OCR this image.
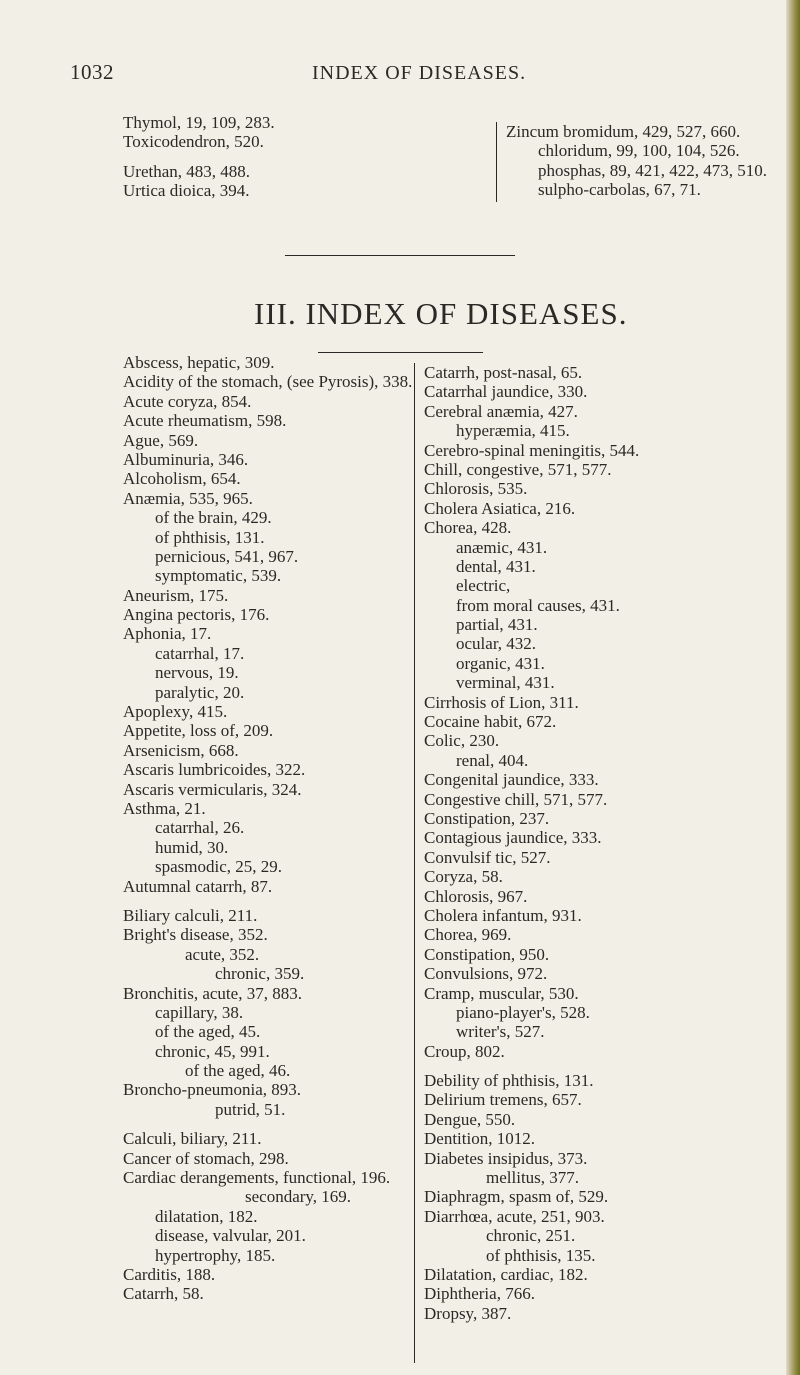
1032	INDEX OF DISEASES.
Thymol, 19, 109, 283.
Toxicodendron, 520.
Urethan, 483, 488.
Urtica dioica, 394.
Zincum bromidum, 429, 527, 660.
chloridum, 99, 100, 104, 526.
phosphas, 89, 421, 422, 473, 510.
sulpho-carbolas, 67, 71.
III. INDEX OF DISEASES.
Abscess, hepatic, 309.
Acidity of the stomach, (see Pyrosis), 338.
Acute coryza, 854.
Acute rheumatism, 598.
Ague, 569.
Albuminuria, 346.
Alcoholism, 654.
Anæmia, 535, 965.
of the brain, 429.
of phthisis, 131.
pernicious, 541, 967.
symptomatic, 539.
Aneurism, 175.
Angina pectoris, 176.
Aphonia, 17.
catarrhal, 17.
nervous, 19.
paralytic, 20.
Apoplexy, 415.
Appetite, loss of, 209.
Arsenicism, 668.
Ascaris lumbricoides, 322.
Ascaris vermicularis, 324.
Asthma, 21.
catarrhal, 26.
humid, 30.
spasmodic, 25, 29.
Autumnal catarrh, 87.
Biliary calculi, 211.
Bright's disease, 352.
acute, 352.
chronic, 359.
Bronchitis, acute, 37, 883.
capillary, 38.
of the aged, 45.
chronic, 45, 991.
of the aged, 46.
Broncho-pneumonia, 893.
putrid, 51.
Calculi, biliary, 211.
Cancer of stomach, 298.
Cardiac derangements, functional, 196.
secondary, 169.
dilatation, 182.
disease, valvular, 201.
hypertrophy, 185.
Carditis, 188.
Catarrh, 58.
Catarrh, post-nasal, 65.
Catarrhal jaundice, 330.
Cerebral anæmia, 427.
hyperæmia, 415.
Cerebro-spinal meningitis, 544.
Chill, congestive, 571, 577.
Chlorosis, 535.
Cholera Asiatica, 216.
Chorea, 428.
anæmic, 431.
dental, 431.
electric,
from moral causes, 431.
partial, 431.
ocular, 432.
organic, 431.
verminal, 431.
Cirrhosis of Lion, 311.
Cocaine habit, 672.
Colic, 230.
renal, 404.
Congenital jaundice, 333.
Congestive chill, 571, 577.
Constipation, 237.
Contagious jaundice, 333.
Convulsif tic, 527.
Coryza, 58.
Chlorosis, 967.
Cholera infantum, 931.
Chorea, 969.
Constipation, 950.
Convulsions, 972.
Cramp, muscular, 530.
piano-player's, 528.
writer's, 527.
Croup, 802.
Debility of phthisis, 131.
Delirium tremens, 657.
Dengue, 550.
Dentition, 1012.
Diabetes insipidus, 373.
mellitus, 377.
Diaphragm, spasm of, 529.
Diarrhœa, acute, 251, 903.
chronic, 251.
of phthisis, 135.
Dilatation, cardiac, 182.
Diphtheria, 766.
Dropsy, 387.
